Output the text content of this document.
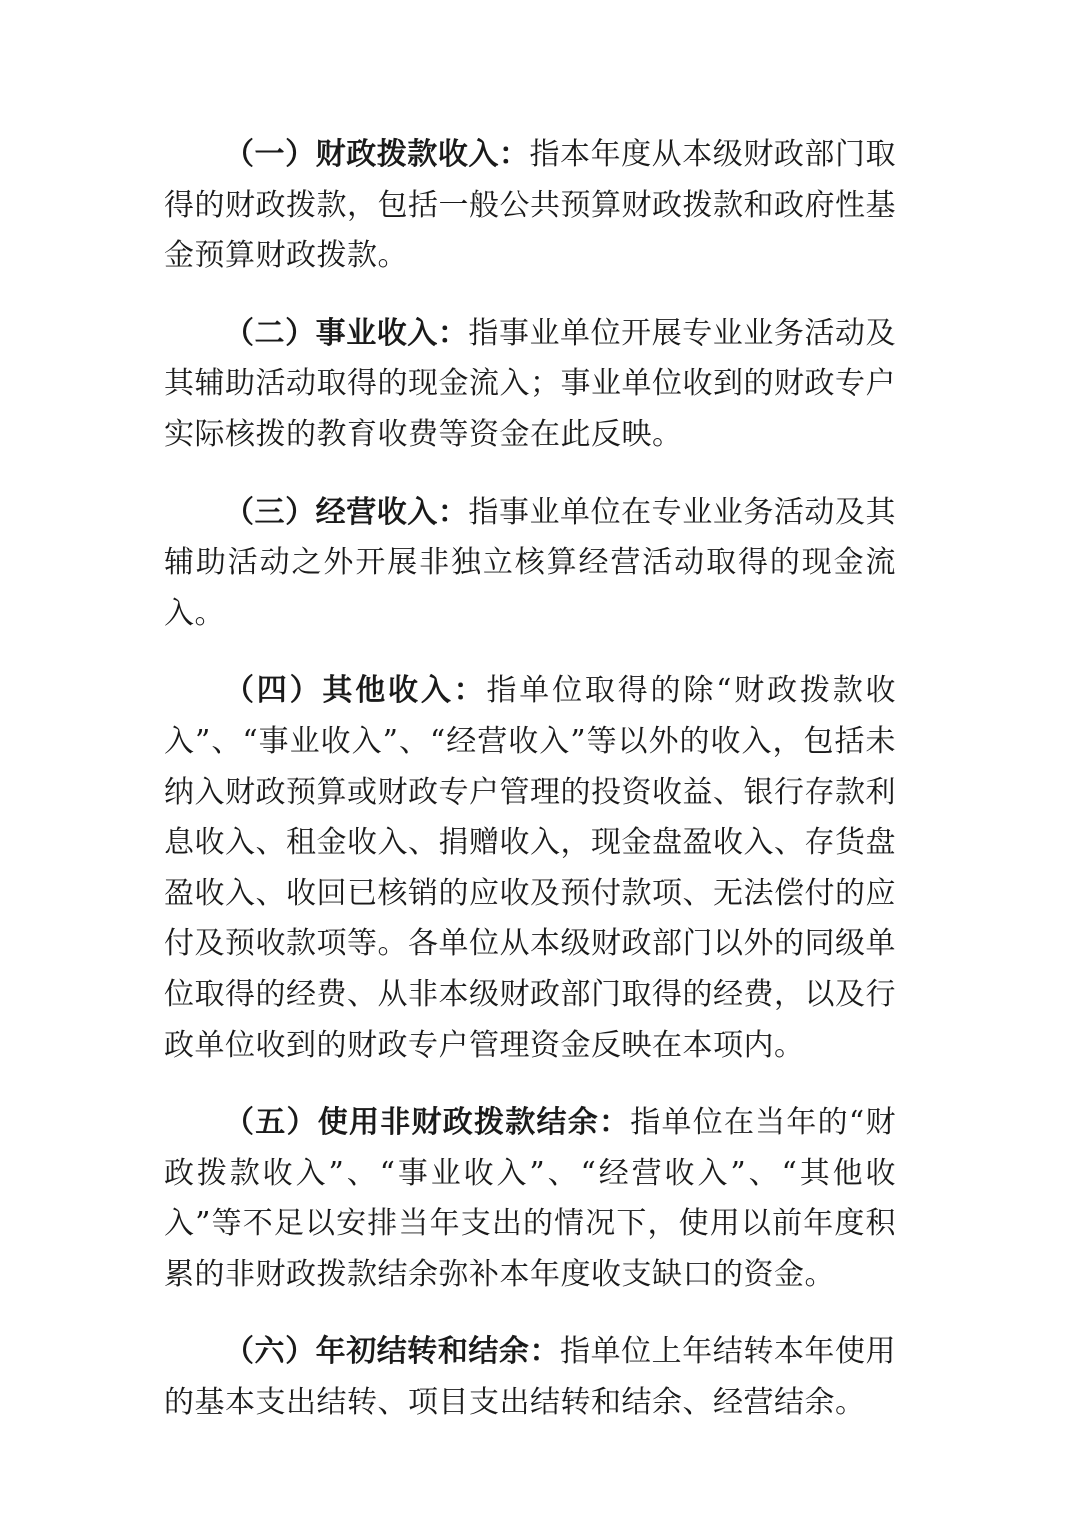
（一）财政拨款收入：指本年度从本级财政部门取得的财政拨款，包括一般公共预算财政拨款和政府性基金预算财政拨款。

（二）事业收入：指事业单位开展专业业务活动及其辅助活动取得的现金流入；事业单位收到的财政专户实际核拨的教育收费等资金在此反映。

（三）经营收入：指事业单位在专业业务活动及其辅助活动之外开展非独立核算经营活动取得的现金流入。

（四）其他收入：指单位取得的除“财政拨款收入”、“事业收入”、“经营收入”等以外的收入，包括未纳入财政预算或财政专户管理的投资收益、银行存款利息收入、租金收入、捐赠收入，现金盘盈收入、存货盘盈收入、收回已核销的应收及预付款项、无法偿付的应付及预收款项等。各单位从本级财政部门以外的同级单位取得的经费、从非本级财政部门取得的经费，以及行政单位收到的财政专户管理资金反映在本项内。

（五）使用非财政拨款结余：指单位在当年的“财政拨款收入”、“事业收入”、“经营收入”、“其他收入”等不足以安排当年支出的情况下，使用以前年度积累的非财政拨款结余弥补本年度收支缺口的资金。

（六）年初结转和结余：指单位上年结转本年使用的基本支出结转、项目支出结转和结余、经营结余。
